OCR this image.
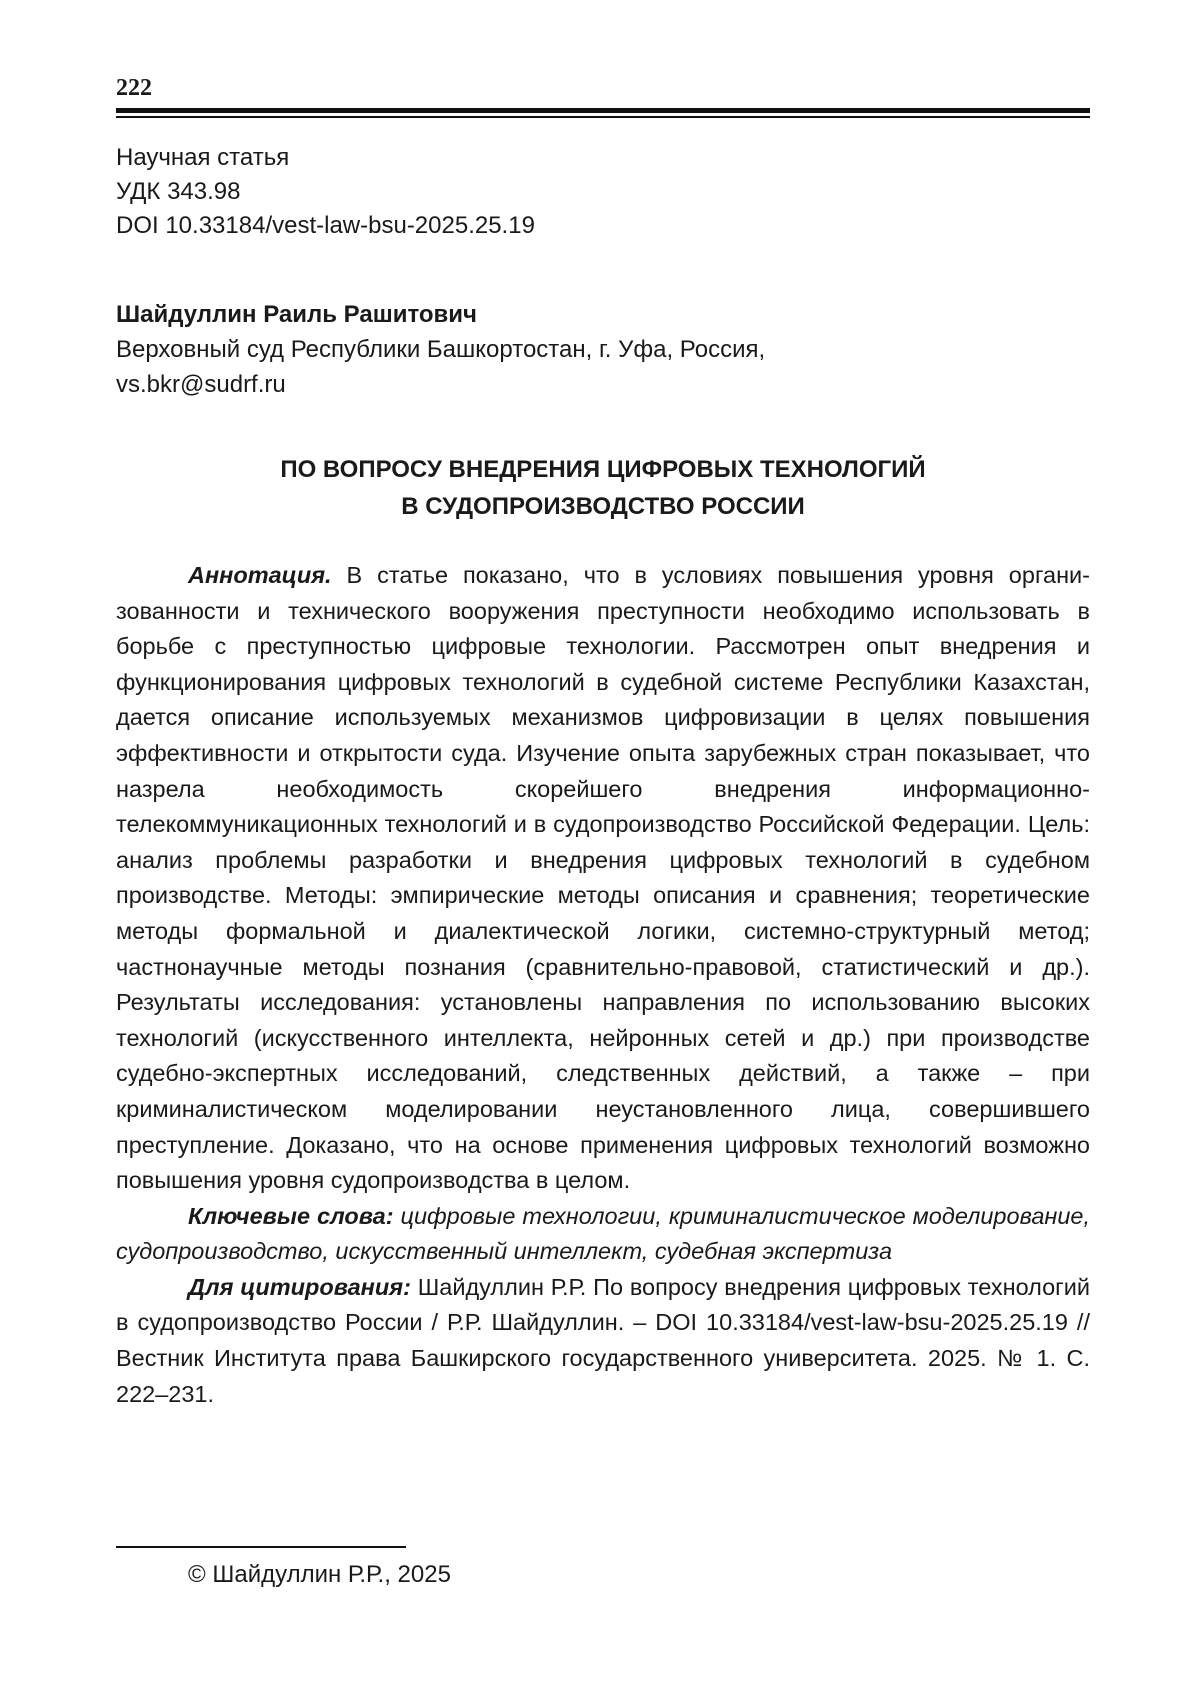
222
Научная статья
УДК 343.98
DOI 10.33184/vest-law-bsu-2025.25.19
Шайдуллин Раиль Рашитович
Верховный суд Республики Башкортостан, г. Уфа, Россия,
vs.bkr@sudrf.ru
ПО ВОПРОСУ ВНЕДРЕНИЯ ЦИФРОВЫХ ТЕХНОЛОГИЙ
В СУДОПРОИЗВОДСТВО РОССИИ

Аннотация. В статье показано, что в условиях повышения уровня организованности и технического вооружения преступности необходимо использовать в борьбе с преступностью цифровые технологии. Рассмотрен опыт внедрения и функционирования цифровых технологий в судебной системе Республики Казахстан, дается описание используемых механизмов цифровизации в целях повышения эффективности и открытости суда. Изучение опыта зарубежных стран показывает, что назрела необходимость скорейшего внедрения информационно-телекоммуникационных технологий и в судопроизводство Российской Федерации. Цель: анализ проблемы разработки и внедрения цифровых технологий в судебном производстве. Методы: эмпирические методы описания и сравнения; теоретические методы формальной и диалектической логики, системно-структурный метод; частнонаучные методы познания (сравнительно-правовой, статистический и др.). Результаты исследования: установлены направления по использованию высоких технологий (искусственного интеллекта, нейронных сетей и др.) при производстве судебно-экспертных исследований, следственных действий, а также – при криминалистическом моделировании неустановленного лица, совершившего преступление. Доказано, что на основе применения цифровых технологий возможно повышения уровня судопроизводства в целом.

Ключевые слова: цифровые технологии, криминалистическое моделирование, судопроизводство, искусственный интеллект, судебная экспертиза

Для цитирования: Шайдуллин Р.Р. По вопросу внедрения цифровых технологий в судопроизводство России / Р.Р. Шайдуллин. – DOI 10.33184/vest-law-bsu-2025.25.19 // Вестник Института права Башкирского государственного университета. 2025. № 1. С. 222–231.

© Шайдуллин Р.Р., 2025
